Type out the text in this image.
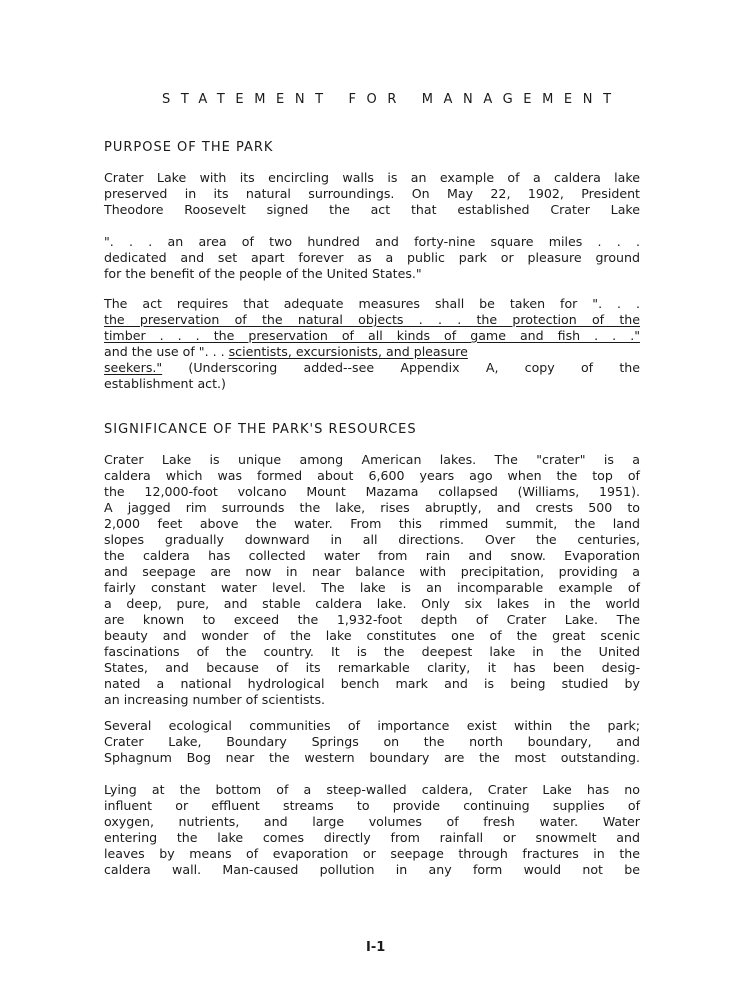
STATEMENT FOR MANAGEMENT
PURPOSE OF THE PARK
Crater Lake with its encircling walls is an example of a caldera lake
preserved in its natural surroundings. On May 22, 1902, President
Theodore Roosevelt signed the act that established Crater Lake
". . . an area of two hundred and forty-nine square miles . . .
dedicated and set apart forever as a public park or pleasure ground
for the benefit of the people of the United States."
The act requires that adequate measures shall be taken for ". . .
the preservation of the natural objects . . . the protection of the
timber . . . the preservation of all kinds of game and fish . . ."
and the use of ". . . scientists, excursionists, and pleasure
seekers." (Underscoring added--see Appendix A, copy of the
establishment act.)
SIGNIFICANCE OF THE PARK'S RESOURCES
Crater Lake is unique among American lakes. The "crater" is a
caldera which was formed about 6,600 years ago when the top of
the 12,000-foot volcano Mount Mazama collapsed (Williams, 1951).
A jagged rim surrounds the lake, rises abruptly, and crests 500 to
2,000 feet above the water. From this rimmed summit, the land
slopes gradually downward in all directions. Over the centuries,
the caldera has collected water from rain and snow. Evaporation
and seepage are now in near balance with precipitation, providing a
fairly constant water level. The lake is an incomparable example of
a deep, pure, and stable caldera lake. Only six lakes in the world
are known to exceed the 1,932-foot depth of Crater Lake. The
beauty and wonder of the lake constitutes one of the great scenic
fascinations of the country. It is the deepest lake in the United
States, and because of its remarkable clarity, it has been desig-
nated a national hydrological bench mark and is being studied by
an increasing number of scientists.
Several ecological communities of importance exist within the park;
Crater Lake, Boundary Springs on the north boundary, and
Sphagnum Bog near the western boundary are the most outstanding.
Lying at the bottom of a steep-walled caldera, Crater Lake has no
influent or effluent streams to provide continuing supplies of
oxygen, nutrients, and large volumes of fresh water. Water
entering the lake comes directly from rainfall or snowmelt and
leaves by means of evaporation or seepage through fractures in the
caldera wall. Man-caused pollution in any form would not be
I-1
